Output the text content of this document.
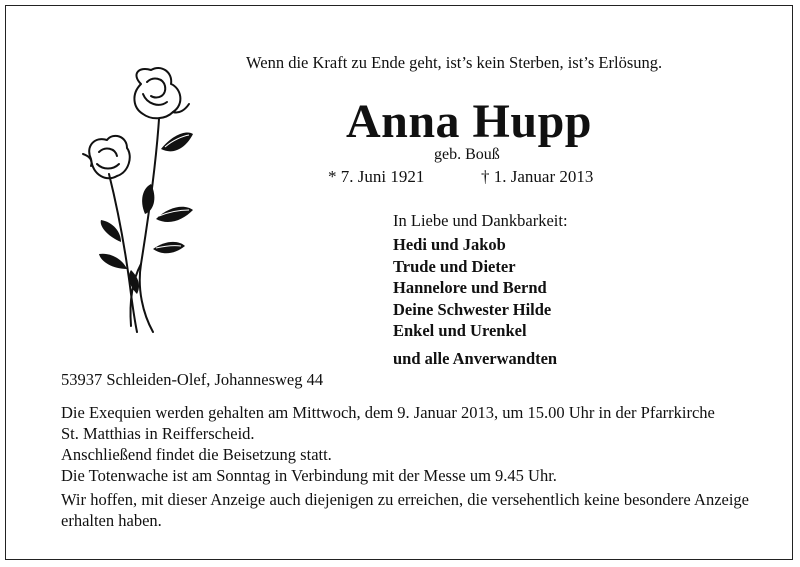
Wenn die Kraft zu Ende geht, ist’s kein Sterben, ist’s Erlösung.
Anna Hupp
geb. Bouß
* 7. Juni 1921	† 1. Januar 2013
In Liebe und Dankbarkeit:
Hedi und Jakob
Trude und Dieter
Hannelore und Bernd
Deine Schwester Hilde
Enkel und Urenkel
und alle Anverwandten
53937 Schleiden-Olef, Johannesweg 44
Die Exequien werden gehalten am Mittwoch, dem 9. Januar 2013, um 15.00 Uhr in der Pfarrkirche
St. Matthias in Reifferscheid.
Anschließend findet die Beisetzung statt.
Die Totenwache ist am Sonntag in Verbindung mit der Messe um 9.45 Uhr.
Wir hoffen, mit dieser Anzeige auch diejenigen zu erreichen, die versehentlich keine besondere Anzeige erhalten haben.
